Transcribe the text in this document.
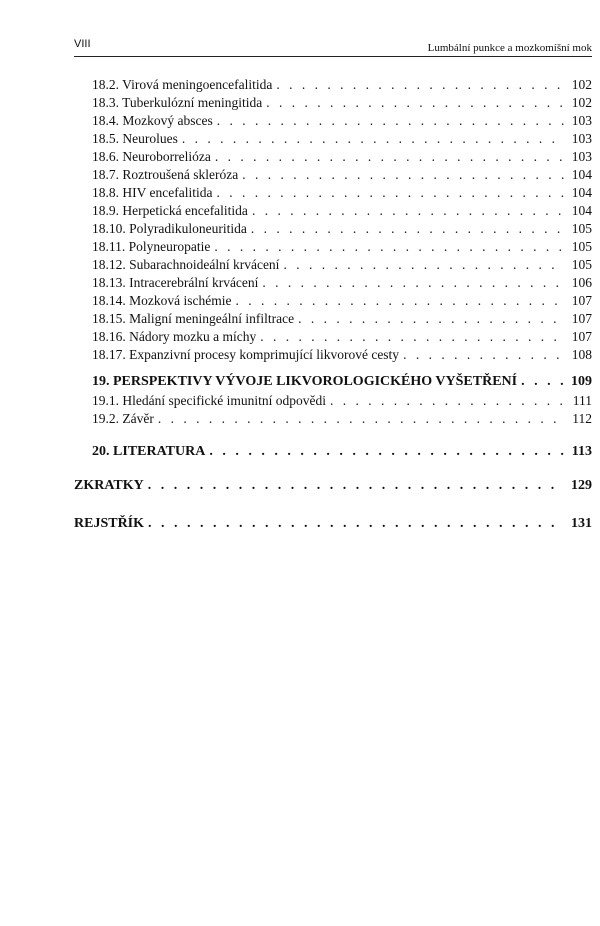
VIII	Lumbální punkce a mozkomíšní mok
18.2. Virová meningoencefalitida . . .	102
18.3. Tuberkulózní meningitida . . .	102
18.4. Mozkový absces . . .	103
18.5. Neurolues . . .	103
18.6. Neuroborrelióza . . .	103
18.7. Roztroušená skleróza . . .	104
18.8. HIV encefalitida . . .	104
18.9. Herpetická encefalitida . . .	104
18.10. Polyradikuloneuritida . . .	105
18.11. Polyneuropatie . . .	105
18.12. Subarachnoideální krvácení . . .	105
18.13. Intracerebrální krvácení . . .	106
18.14. Mozková ischémie . . .	107
18.15. Maligní meningeální infiltrace . . .	107
18.16. Nádory mozku a míchy . . .	107
18.17. Expanzivní procesy komprimující likvorové cesty . . .	108
19. PERSPEKTIVY VÝVOJE LIKVOROLOGICKÉHO VYŠETŘENÍ . . .	109
19.1. Hledání specifické imunitní odpovědi . . .	111
19.2. Závěr . . .	112
20. LITERATURA . . .	113
ZKRATKY . . .	129
REJSTŘÍK . . .	131
